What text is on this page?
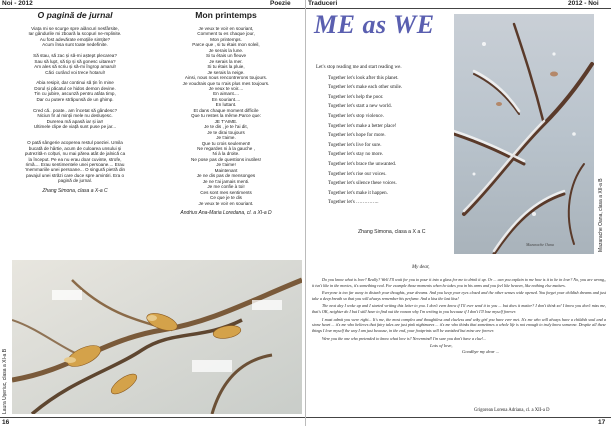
Noi - 2012	Poezie
O pagină de jurnal
Viața mi se scurge spre aiăncuri nesfârsite,
Iar gândurile mi zboară la scopuri ne-mplinite.
Au fost adevărate emoțiile simțite?
Acum însa sunt toate nedefinite.
Să stau, să zac și să-mi aștept plecarea?
Sau să lupt, să tip și să gonesc uitarea?
Am ales să scriu și să-mi îngrop amarul!
Căci curând voi trece hotarul!
Abia resipir, dar continui să țin în mine
Dorul și păcatul ce hidos demon devine.
Tin cu jubire, ascunză pentru atâta timp,
Dar cu putere străpunsă de un ghimp.
Cred că.. poate.. am încetat să gândesc?
Niciun fir al minții mele nu deslușesc.
Durerea mă apasă iar și iar!
Ultimele clipe de viață sunt puse pe jar...
O pată sângerie acoperea restul poeziei. Umila
bucată de hârtie, acum de culoarea unsului și
putrezită-n colțuri, nu mai părea atât de jalnică ca
la început. Pe ea nu erau doar cuvinte, strofe,
rimă.... Erau sentimentele unei persoane.... Erau
'memmariile unei persoane... O singură pietră din
pavajul unei străzi care duce spre amintiri. Era o
pagină de jurnal.
Zhang Simona, clasa a X-a C
Mon printemps
Je veux te voir en souriant,
Comment tu es chaque jour,
Mon printemps.
Parce que , si tu étais mon soleil,
Je serais la lune.
Si tu étais un fleuve
Je serais la mer.
Si tu étais la pluie,
Je serais la neige.
Ainsi, nous nous rencontrerons toujours.
Je voudrais que tu n'ais plus mes toujours.
Je veux te voir....
En aimant....
En souriant....
En luttant.
Et dans chaque moment difficile
Que tu restes la même.Parce que:
JE T'AIME.
Je te dis , je te l'ai dit,
Je te dirai toujours
Je t'aime.
Que tu crois seulement!
Ne regardes ni à la gauche ,
Ni à la droite.
Ne pose pas de questions inutiles!
Je t'aime!
Maintenant
Je ne dis pas de mensonges
Je ne t'ai jamais menti.
Je me confie à toi!
Ces sont mes sentiments
Ce que je te dis
Je veux te voir en souriant.
Andrius Ana-Maria Loredana, cl. a XI-a D
Laura Ușeriuc, clasa a XI-a B
16
Traduceri	2012 - Noi
ME as WE
Let's stop reading me and start reading we.
Together let's look after this planet.
Together let's make each other smile.
Together let's help the poor.
Together let's start a new world.
Together let's stop violence.
Together let's make a better place!
Together let's hope for more.
Together let's live for sure.
Together let's stay no more.
Together let's brace the unwanted.
Together let's rise our voices.
Together let's silence these voices.
Together let's make it happen.
Together let's …………..
Zhang Simona, clasa a X a C
Mazarache Oana	Mazarache Oana, clasa a XII-a B
My dear,

Do you know what is love? Really? Well I'll wait for you to pour it into a glass for me to drink it up. Or ... can you explain to me how is it to be in love? No, you are wrong,, it isn't like in the movies, it's something real. For example those moments when he takes you in his arms and you feel like heaven, like nothing else matters.

Everyone is too far away to disturb your thoughts, your dreams. And you keep your eyes closed and the other senses wide opened. You forget your childish dreams and just take a deep breath so that you will always remember his perfume. And a kiss the last kiss!

The next day I woke up and I started writing this letter to you. I don't even know if I'll ever send it to you ... but does it matter? I don't think so! I know you don't miss me, that's OK, neighter do I but I still have to find out the reason why I'm writing to you because if I don't I'll lose myself forever.

I must admit you were right... It's me, the most complex and thoughtless and clueless and wiky girl you have ever met. It's me who will always have a childish soul and a stone heart ... it's me who believes that fairy tales are just pink nightmares ... it's me who thinks that sometimes a whole life is not enough to truly know someone. Despite all these things I love myself the way I am just because, in the end, your footprints will be vanished but mine are forever.

Were you the one who pretended to know what love is? Nevermind! I'm sure you don't have a clue!...

Lots of love,
Goodbye my dear ...
Grigorean Lorena Adriana, cl. a XII-a D
17
